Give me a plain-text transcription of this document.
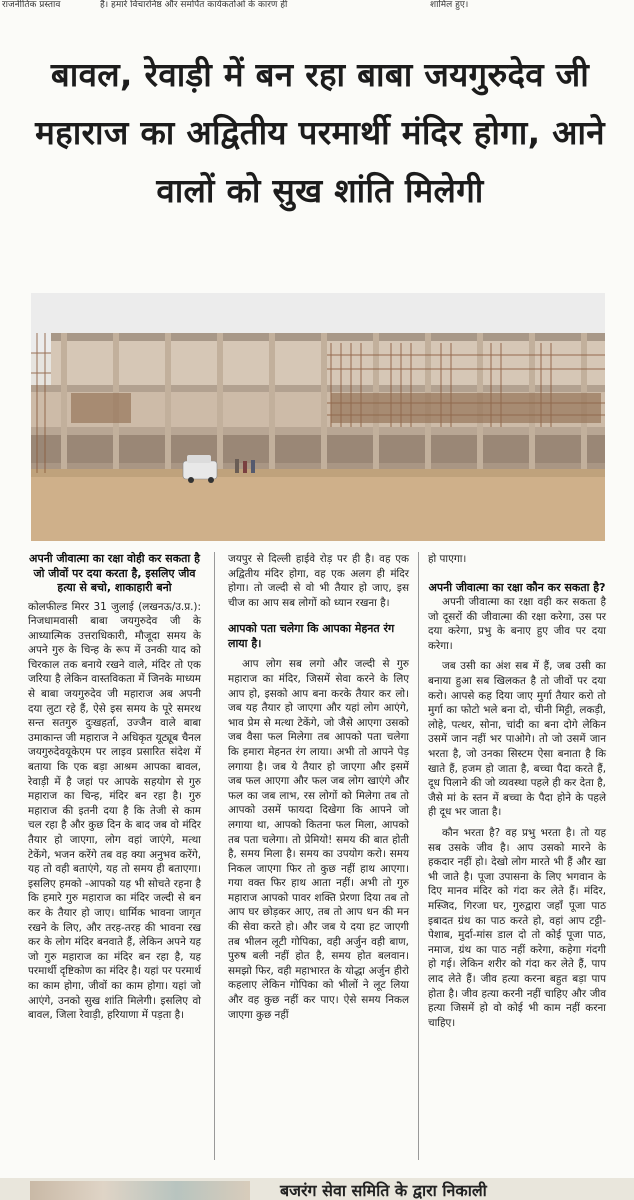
राजनीतिक प्रस्ताव	है। हमारे विचारनिष्ठ और समर्पित कार्यकर्ताओं के कारण ही	शामिल हुए।
बावल, रेवाड़ी में बन रहा बाबा जयगुरुदेव जी महाराज का अद्वितीय परमार्थी मंदिर होगा, आने वालों को सुख शांति मिलेगी
अपनी जीवात्मा का रक्षा वोही कर सकता है जो जीवों पर दया करता है, इसलिए जीव हत्या से बचो, शाकाहारी बनो

कोलफील्ड मिरर 31 जुलाई (लखनऊ/उ.प्र.): निजधामवासी बाबा जयगुरुदेव जी के आध्यात्मिक उत्तराधिकारी, मौजूदा समय के अपने गुरु के चिन्ह के रूप में उनकी याद को चिरकाल तक बनाये रखने वाले, मंदिर तो एक जरिया है लेकिन वास्तविकता में जिनके माध्यम से बाबा जयगुरुदेव जी महाराज अब अपनी दया लुटा रहे हैं, ऐसे इस समय के पूरे समरथ सन्त सतगुरु दुःखहर्ता, उज्जैन वाले बाबा उमाकान्त जी महाराज ने अधिकृत यूट्यूब चैनल जयगुरुदेवयूकेएम पर लाइव प्रसारित संदेश में बताया कि एक बड़ा आश्रम आपका बावल, रेवाड़ी में है जहां पर आपके सहयोग से गुरु महाराज का चिन्ह, मंदिर बन रहा है। गुरु महाराज की इतनी दया है कि तेजी से काम चल रहा है और कुछ दिन के बाद जब वो मंदिर तैयार हो जाएगा, लोग वहां जाएंगे, मत्था टेकेंगे, भजन करेंगे तब वह क्या अनुभव करेंगे, यह तो वही बताएंगे, यह तो समय ही बताएगा। इसलिए हमको -आपको यह भी सोचते रहना है कि हमारे गुरु महाराज का मंदिर जल्दी से बन कर के तैयार हो जाए। धार्मिक भावना जागृत रखने के लिए, और तरह-तरह की भावना रख कर के लोग मंदिर बनवाते हैं, लेकिन अपने यह जो गुरु महाराज का मंदिर बन रहा है, यह परमार्थी दृष्टिकोण का मंदिर है। यहां पर परमार्थ का काम होगा, जीवों का काम होगा। यहां जो आएंगे, उनको सुख शांति मिलेगी। इसलिए वो बावल, जिला रेवाड़ी, हरियाणा में पड़ता है।

जयपुर से दिल्ली हाईवे रोड़ पर ही है। वह एक अद्वितीय मंदिर होगा, वह एक अलग ही मंदिर होगा। तो जल्दी से वो भी तैयार हो जाए, इस चीज का आप सब लोगों को ध्यान रखना है।

आपको पता चलेगा कि आपका मेहनत रंग लाया है।

आप लोग सब लगो और जल्दी से गुरु महाराज का मंदिर, जिसमें सेवा करने के लिए आप हो, इसको आप बना करके तैयार कर लो। जब यह तैयार हो जाएगा और यहां लोग आएंगे, भाव प्रेम से मत्था टेकेंगे, जो जैसे आएगा उसको जब वैसा फल मिलेगा तब आपको पता चलेगा कि हमारा मेहनत रंग लाया। अभी तो आपने पेड़ लगाया है। जब ये तैयार हो जाएगा और इसमें जब फल आएगा और फल जब लोग खाएंगे और फल का जब लाभ, रस लोगों को मिलेगा तब तो आपको उसमें फायदा दिखेगा कि आपने जो लगाया था, आपको कितना फल मिला, आपको तब पता चलेगा। तो प्रेमियो! समय की बात होती है, समय मिला है। समय का उपयोग करो। समय निकल जाएगा फिर तो कुछ नहीं हाथ आएगा। गया वक्त फिर हाथ आता नहीं। अभी तो गुरु महाराज आपको पावर शक्ति प्रेरणा दिया तब तो आप घर छोड़कर आए, तब तो आप धन की मन की सेवा करते हो। और जब ये दया हट जाएगी तब भीलन लूटी गोपिका, वही अर्जुन वही बाण, पुरुष बली नहीं होत है, समय होत बलवान। समझो फिर, वही महाभारत के योद्धा अर्जुन हीरो कहलाए लेकिन गोपिका को भीलों ने लूट लिया और वह कुछ नहीं कर पाए। ऐसे समय निकल जाएगा कुछ नहीं

हो पाएगा।

अपनी जीवात्मा का रक्षा कौन कर सकता है?

अपनी जीवात्मा का रक्षा वही कर सकता है जो दूसरों की जीवात्मा की रक्षा करेगा, उस पर दया करेगा, प्रभु के बनाए हुए जीव पर दया करेगा।

जब उसी का अंश सब में हैं, जब उसी का बनाया हुआ सब खिलकत है तो जीवों पर दया करो। आपसे कह दिया जाए मुर्गा तैयार करो तो मुर्गा का फोटो भले बना दो, चीनी मिट्टी, लकड़ी, लोहे, पत्थर, सोना, चांदी का बना दोगे लेकिन उसमें जान नहीं भर पाओगे। तो जो उसमें जान भरता है, जो उनका सिस्टम ऐसा बनाता है कि खाते हैं, हजम हो जाता है, बच्चा पैदा करते हैं, दूध पिलाने की जो व्यवस्था पहले ही कर देता है, जैसे मां के स्तन में बच्चा के पैदा होने के पहले ही दूध भर जाता है।

कौन भरता है? वह प्रभु भरता है। तो यह सब उसके जीव है। आप उसको मारने के हकदार नहीं हो। देखो लोग मारते भी हैं और खा भी जाते है। पूजा उपासना के लिए भगवान के दिए मानव मंदिर को गंदा कर लेते हैं। मंदिर, मस्जिद, गिरजा घर, गुरुद्वारा जहाँ पूजा पाठ इबादत ग्रंथ का पाठ करते हो, वहां आप टट्टी-पेशाब, मुर्दा-मांस डाल दो तो कोई पूजा पाठ, नमाज, ग्रंथ का पाठ नहीं करेगा, कहेगा गंदगी हो गई। लेकिन शरीर को गंदा कर लेते हैं, पाप लाद लेते हैं। जीव हत्या करना बहुत बड़ा पाप होता है। जीव हत्या करनी नहीं चाहिए और जीव हत्या जिसमें हो वो कोई भी काम नहीं करना चाहिए।

बजरंग सेवा समिति के द्वारा निकाली
